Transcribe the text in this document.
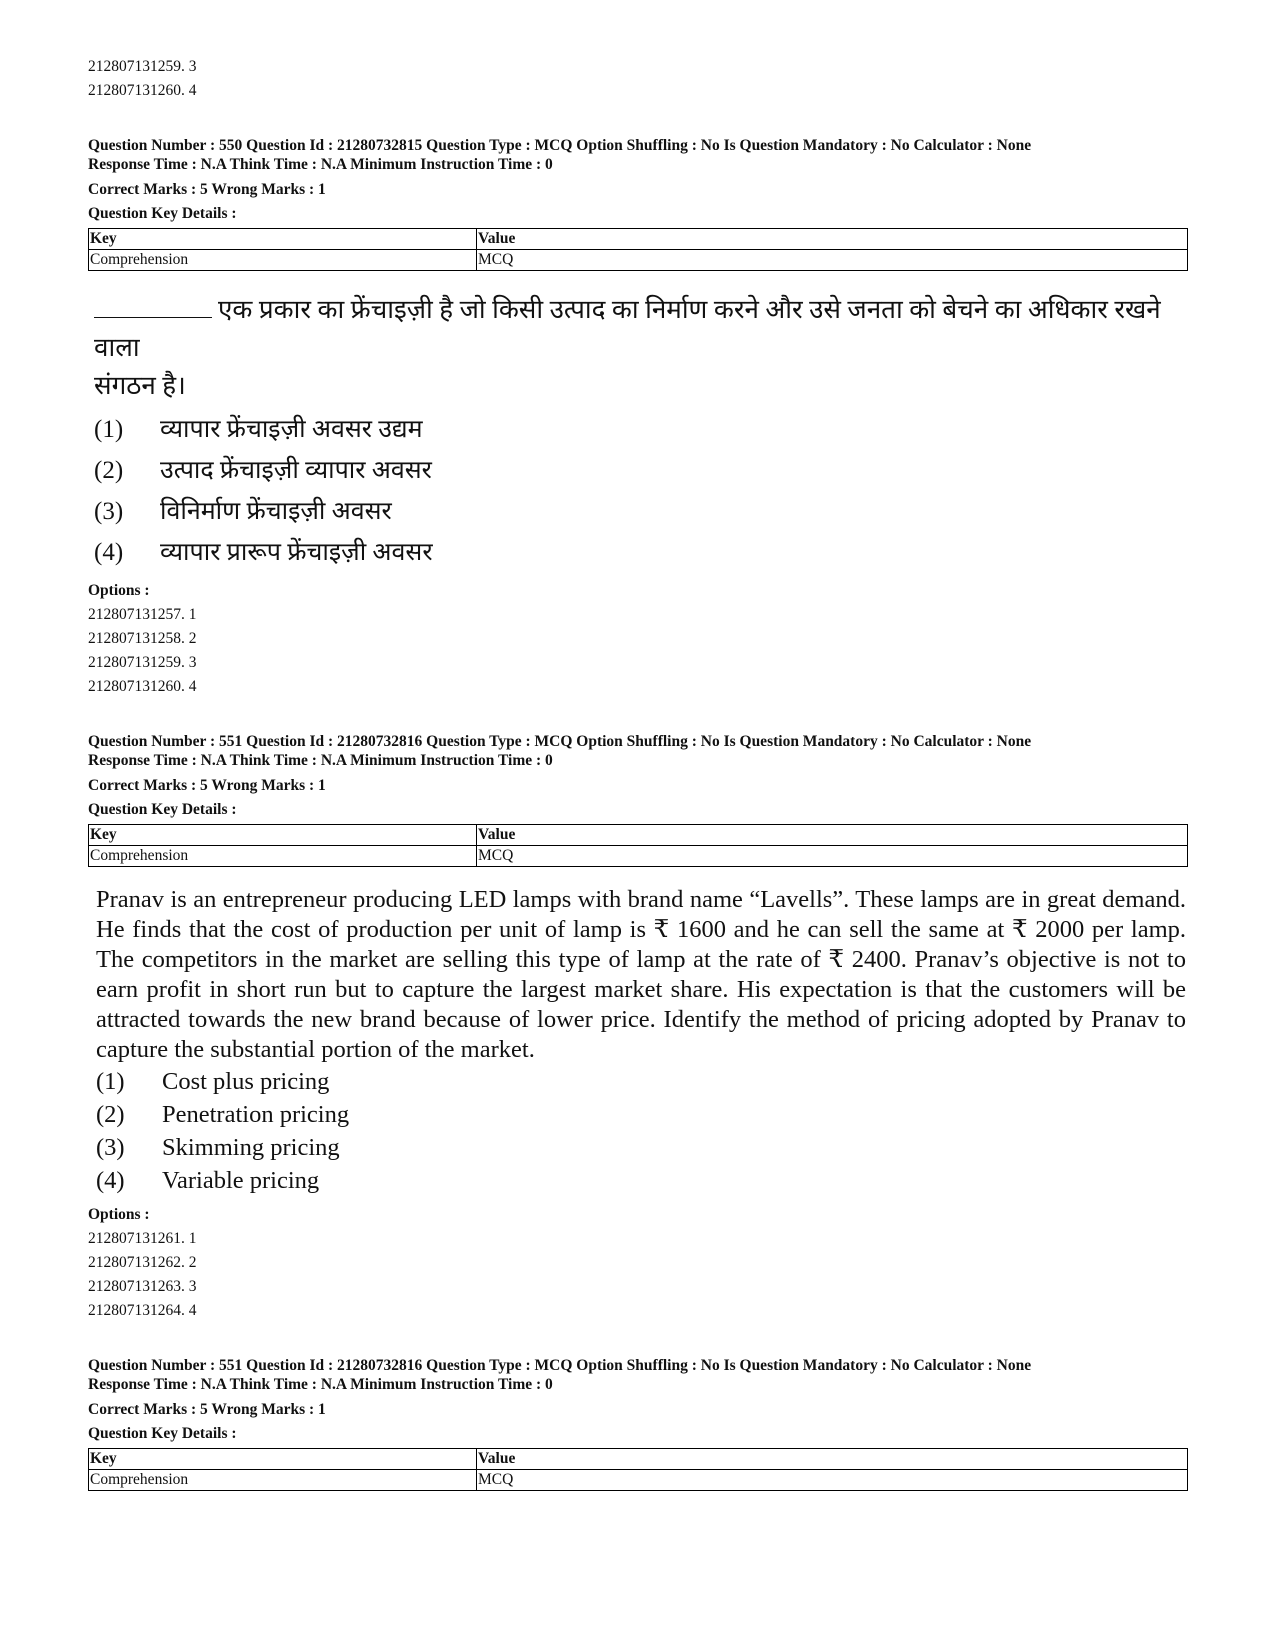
212807131259. 3
212807131260. 4
Question Number : 550 Question Id : 21280732815 Question Type : MCQ Option Shuffling : No Is Question Mandatory : No Calculator : None
Response Time : N.A Think Time : N.A Minimum Instruction Time : 0
Correct Marks : 5 Wrong Marks : 1
Question Key Details :
Key	Value
Comprehension	MCQ
एक प्रकार का फ्रेंचाइज़ी है जो किसी उत्पाद का निर्माण करने और उसे जनता को बेचने का अधिकार रखने वाला
संगठन है।
(1) व्यापार फ्रेंचाइज़ी अवसर उद्यम
(2) उत्पाद फ्रेंचाइज़ी व्यापार अवसर
(3) विनिर्माण फ्रेंचाइज़ी अवसर
(4) व्यापार प्रारूप फ्रेंचाइज़ी अवसर
Options :
212807131257. 1
212807131258. 2
212807131259. 3
212807131260. 4
Question Number : 551 Question Id : 21280732816 Question Type : MCQ Option Shuffling : No Is Question Mandatory : No Calculator : None
Response Time : N.A Think Time : N.A Minimum Instruction Time : 0
Correct Marks : 5 Wrong Marks : 1
Question Key Details :
Key	Value
Comprehension	MCQ
Pranav is an entrepreneur producing LED lamps with brand name “Lavells”. These lamps are in great demand. He finds that the cost of production per unit of lamp is ₹ 1600 and he can sell the same at ₹ 2000 per lamp. The competitors in the market are selling this type of lamp at the rate of ₹ 2400. Pranav’s objective is not to earn profit in short run but to capture the largest market share. His expectation is that the customers will be attracted towards the new brand because of lower price. Identify the method of pricing adopted by Pranav to capture the substantial portion of the market.
(1) Cost plus pricing
(2) Penetration pricing
(3) Skimming pricing
(4) Variable pricing
Options :
212807131261. 1
212807131262. 2
212807131263. 3
212807131264. 4
Question Number : 551 Question Id : 21280732816 Question Type : MCQ Option Shuffling : No Is Question Mandatory : No Calculator : None
Response Time : N.A Think Time : N.A Minimum Instruction Time : 0
Correct Marks : 5 Wrong Marks : 1
Question Key Details :
Key	Value
Comprehension	MCQ
